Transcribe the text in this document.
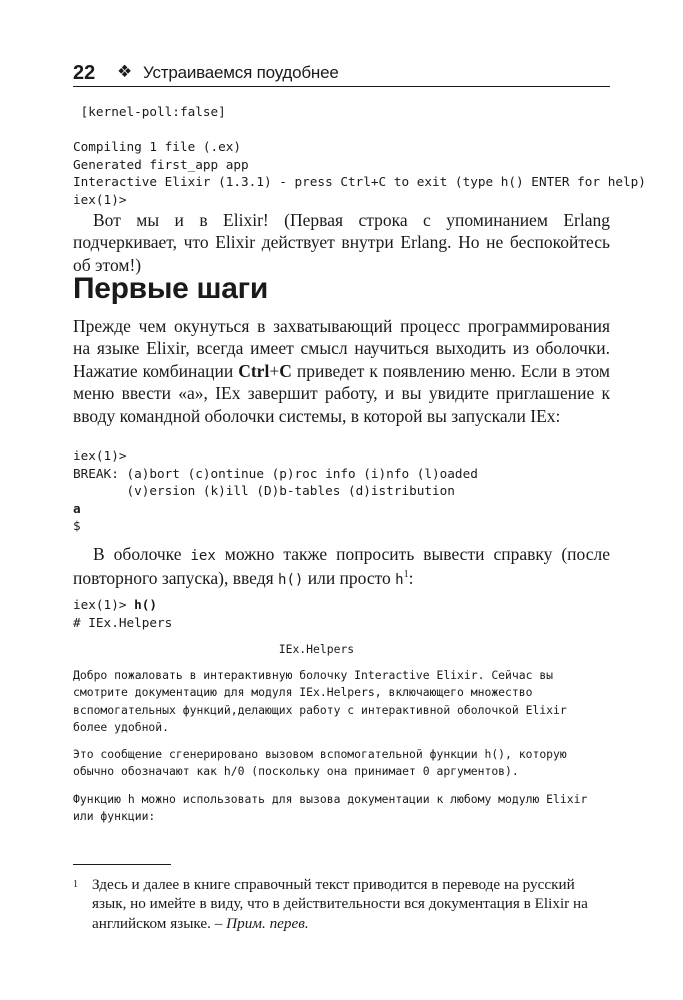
22 ❖ Устраиваемся поудобнее
[kernel-poll:false]

Compiling 1 file (.ex)
Generated first_app app
Interactive Elixir (1.3.1) - press Ctrl+C to exit (type h() ENTER for help)
iex(1)>

Вот мы и в Elixir! (Первая строка с упоминанием Erlang подчеркивает, что Elixir действует внутри Erlang. Но не беспокойтесь об этом!)

Первые шаги

Прежде чем окунуться в захватывающий процесс программирования на языке Elixir, всегда имеет смысл научиться выходить из оболочки. Нажатие комбинации Ctrl+C приведет к появлению меню. Если в этом меню ввести «a», IEx завершит работу, и вы увидите приглашение к вводу командной оболочки системы, в которой вы запускали IEx:

iex(1)>
BREAK: (a)bort (c)ontinue (p)roc info (i)nfo (l)oaded
(v)ersion (k)ill (D)b-tables (d)istribution
a
$

В оболочке iex можно также попросить вывести справку (после повторного запуска), введя h() или просто $h^1$:

iex(1)> h()
# IEx.Helpers
IEx.Helpers
Добро пожаловать в интерактивную болочку Interactive Elixir. Сейчас вы
смотрите документацию для модуля IEx.Helpers, включающего множество
вспомогательных функций,делающих работу с интерактивной оболочкой Elixir
более удобной.
Это сообщение сгенерировано вызовом вспомогательной функции h(), которую
обычно обозначают как h/0 (поскольку она принимает 0 аргументов).
Функцию h можно использовать для вызова документации к любому модулю Elixir
или функции:
1 Здесь и далее в книге справочный текст приводится в переводе на русский язык, но имейте в виду, что в действительности вся документация в Elixir на английском языке. – Прим. перев.
